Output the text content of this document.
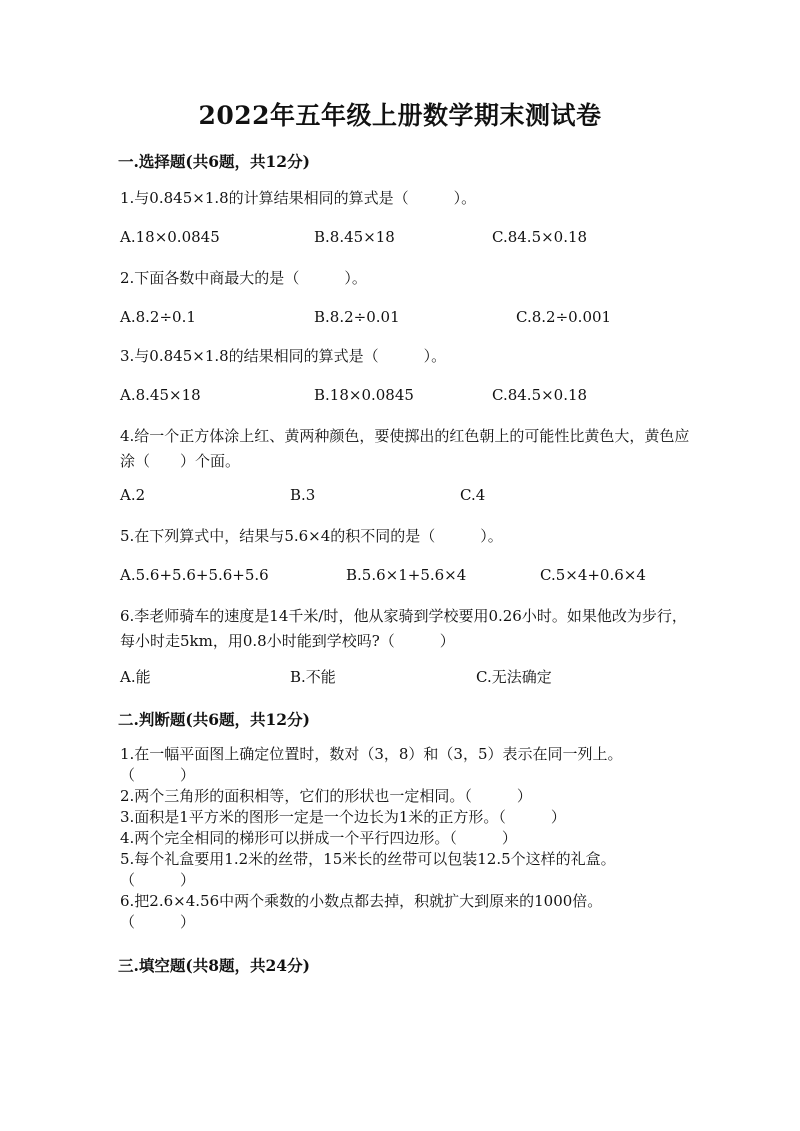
2022年五年级上册数学期末测试卷
一.选择题(共6题，共12分)
1.与0.845×1.8的计算结果相同的算式是（　　　）。
A.18×0.0845	B.8.45×18	C.84.5×0.18
2.下面各数中商最大的是（　　　）。
A.8.2÷0.1	B.8.2÷0.01	C.8.2÷0.001
3.与0.845×1.8的结果相同的算式是（　　　）。
A.8.45×18	B.18×0.0845	C.84.5×0.18
4.给一个正方体涂上红、黄两种颜色，要使掷出的红色朝上的可能性比黄色大，黄色应涂（　　）个面。
A.2	B.3	C.4
5.在下列算式中，结果与5.6×4的积不同的是（　　　）。
A.5.6+5.6+5.6+5.6	B.5.6×1+5.6×4	C.5×4+0.6×4
6.李老师骑车的速度是14千米/时，他从家骑到学校要用0.26小时。如果他改为步行，每小时走5km，用0.8小时能到学校吗?（　　　）
A.能	B.不能	C.无法确定
二.判断题(共6题，共12分)
1.在一幅平面图上确定位置时，数对（3，8）和（3，5）表示在同一列上。
（　　　）
2.两个三角形的面积相等，它们的形状也一定相同。（　　　）
3.面积是1平方米的图形一定是一个边长为1米的正方形。（　　　）
4.两个完全相同的梯形可以拼成一个平行四边形。（　　　）
5.每个礼盒要用1.2米的丝带，15米长的丝带可以包装12.5个这样的礼盒。
（　　　）
6.把2.6×4.56中两个乘数的小数点都去掉，积就扩大到原来的1000倍。
（　　　）
三.填空题(共8题，共24分)
